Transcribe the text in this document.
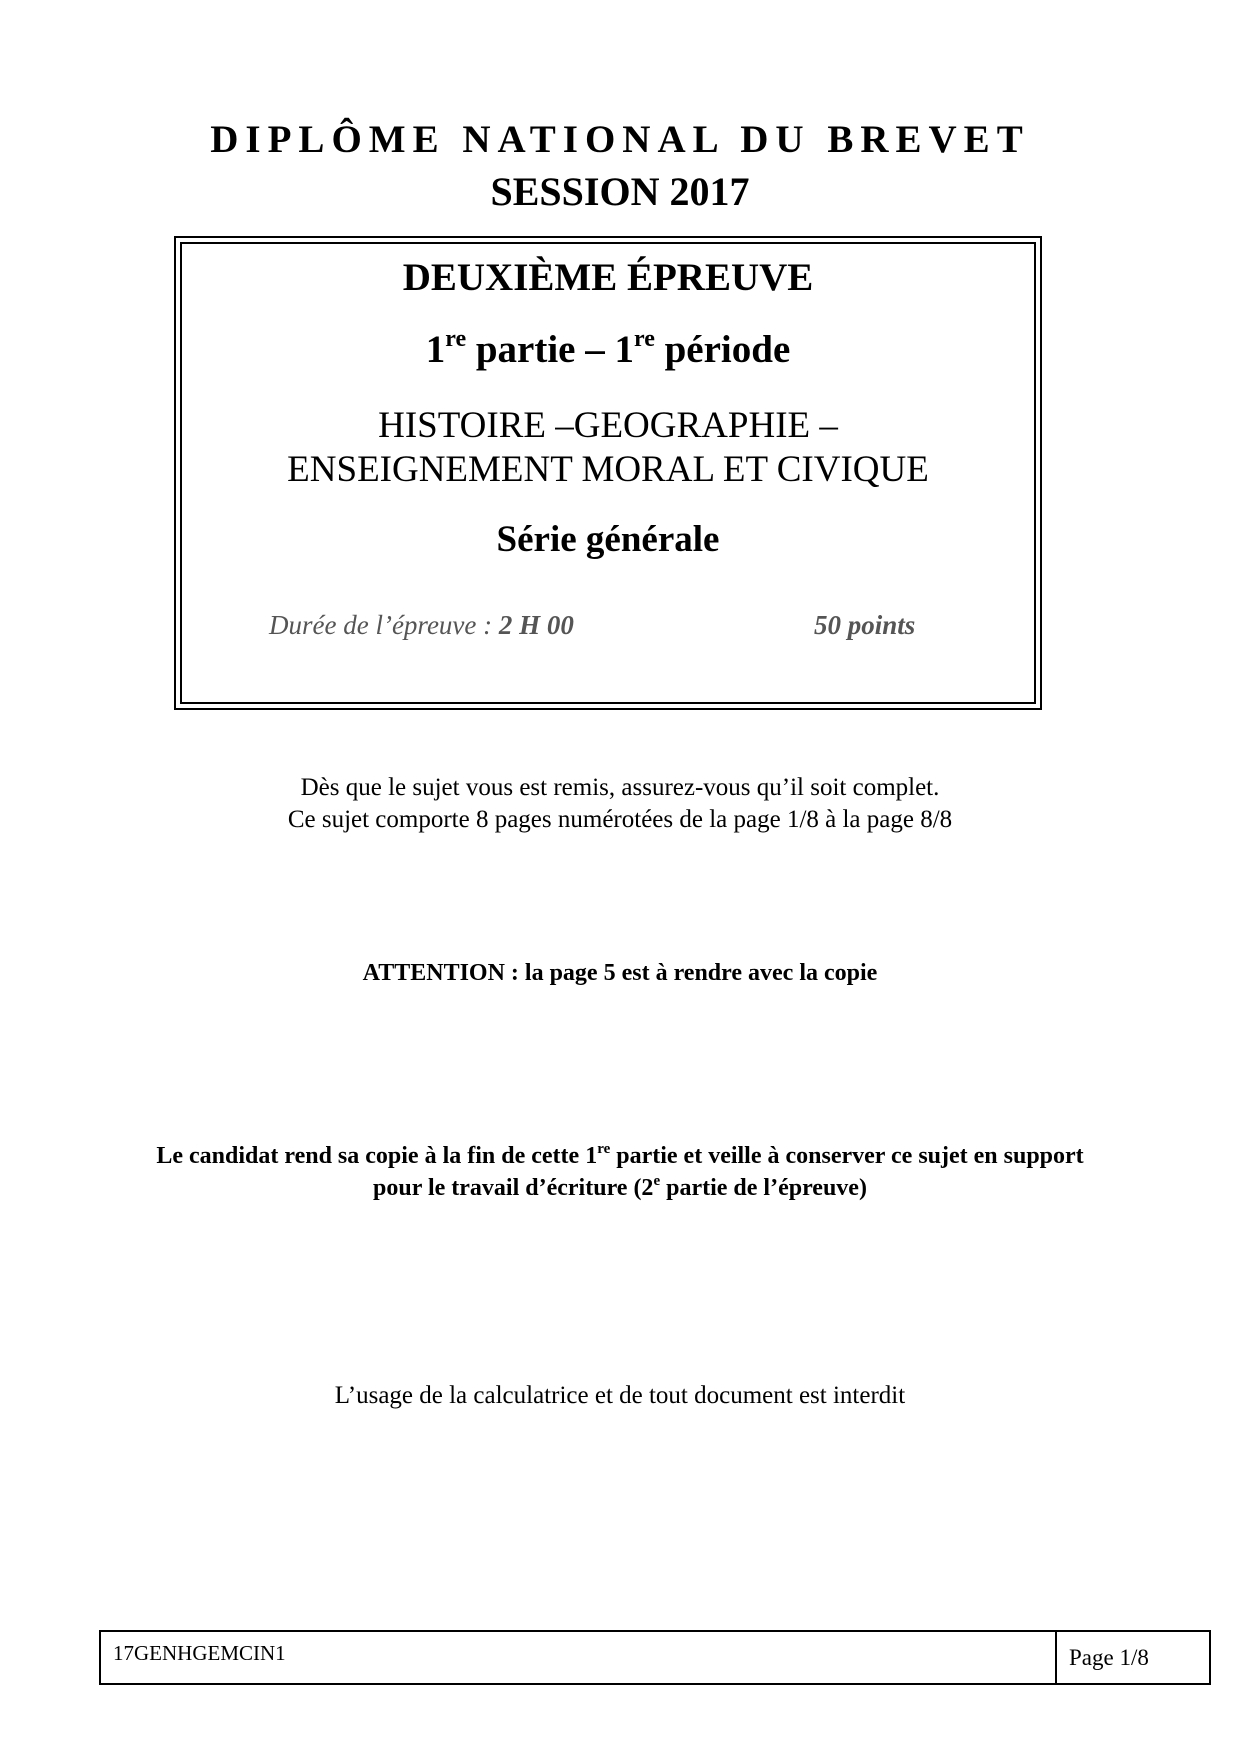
DIPLÔME NATIONAL DU BREVET
SESSION 2017
DEUXIÈME ÉPREUVE
1re partie – 1re période
HISTOIRE –GEOGRAPHIE –
ENSEIGNEMENT MORAL ET CIVIQUE
Série générale
Durée de l’épreuve : 2 H 00	50 points
Dès que le sujet vous est remis, assurez-vous qu’il soit complet.
Ce sujet comporte 8 pages numérotées de la page 1/8 à la page 8/8
ATTENTION : la page 5 est à rendre avec la copie
Le candidat rend sa copie à la fin de cette 1re partie et veille à conserver ce sujet en support
pour le travail d’écriture (2e partie de l’épreuve)
L’usage de la calculatrice et de tout document est interdit
17GENHGEMCIN1	Page 1/8
